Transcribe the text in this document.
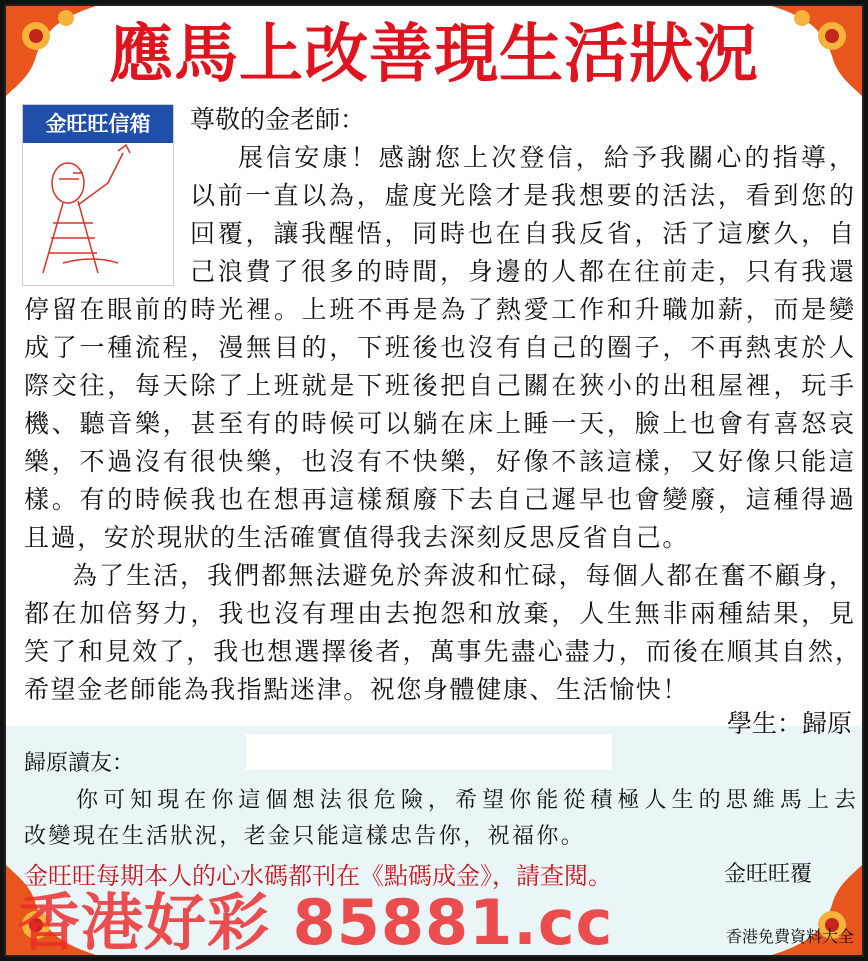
應馬上改善現生活狀況
金旺旺信箱	尊敬的金老師：
展信安康！感謝您上次登信，給予我關心的指導，
以前一直以為，虛度光陰才是我想要的活法，看到您的
回覆，讓我醒悟，同時也在自我反省，活了這麼久，自
己浪費了很多的時間，身邊的人都在往前走，只有我還
停留在眼前的時光裡。上班不再是為了熱愛工作和升職加薪，而是變
成了一種流程，漫無目的，下班後也沒有自己的圈子，不再熱衷於人
際交往，每天除了上班就是下班後把自己關在狹小的出租屋裡，玩手
機、聽音樂，甚至有的時候可以躺在床上睡一天，臉上也會有喜怒哀
樂，不過沒有很快樂，也沒有不快樂，好像不該這樣，又好像只能這
樣。有的時候我也在想再這樣頹廢下去自己遲早也會變廢，這種得過
且過，安於現狀的生活確實值得我去深刻反思反省自己。
為了生活，我們都無法避免於奔波和忙碌，每個人都在奮不顧身，
都在加倍努力，我也沒有理由去抱怨和放棄，人生無非兩種結果，見
笑了和見效了，我也想選擇後者，萬事先盡心盡力，而後在順其自然，
希望金老師能為我指點迷津。祝您身體健康、生活愉快！
學生：歸原
歸原讀友：
你可知現在你這個想法很危險，希望你能從積極人生的思維馬上去
改變現在生活狀況，老金只能這樣忠告你，祝福你。
金旺旺覆
金旺旺每期本人的心水碼都刊在《點碼成金》，請查閱。
香港好彩 85881.cc	香港免費資料大全
